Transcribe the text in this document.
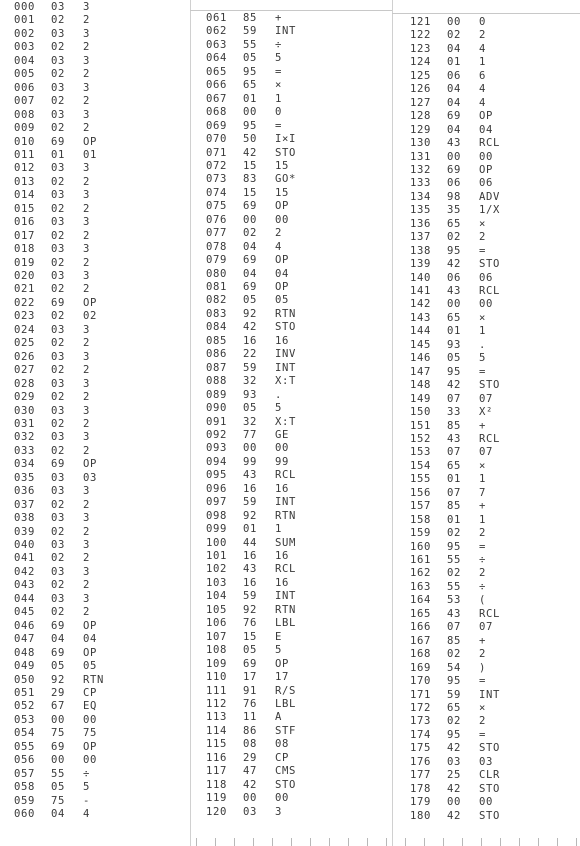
000 03 3
001 02 2
002 03 3
003 02 2
004 03 3
005 02 2
006 03 3
007 02 2
008 03 3
009 02 2
010 69 OP
011 01 01
012 03 3
013 02 2
014 03 3
015 02 2
016 03 3
017 02 2
018 03 3
019 02 2
020 03 3
021 02 2
022 69 OP
023 02 02
024 03 3
025 02 2
026 03 3
027 02 2
028 03 3
029 02 2
030 03 3
031 02 2
032 03 3
033 02 2
034 69 OP
035 03 03
036 03 3
037 02 2
038 03 3
039 02 2
040 03 3
041 02 2
042 03 3
043 02 2
044 03 3
045 02 2
046 69 OP
047 04 04
048 69 OP
049 05 05
050 92 RTN
051 29 CP
052 67 EQ
053 00 00
054 75 75
055 69 OP
056 00 00
057 55 ÷
058 05 5
059 75 -
060 04 4
061 85 +
062 59 INT
063 55 ÷
064 05 5
065 95 =
066 65 ×
067 01 1
068 00 0
069 95 =
070 50 I×I
071 42 STO
072 15 15
073 83 GO*
074 15 15
075 69 OP
076 00 00
077 02 2
078 04 4
079 69 OP
080 04 04
081 69 OP
082 05 05
083 92 RTN
084 42 STO
085 16 16
086 22 INV
087 59 INT
088 32 X:T
089 93 .
090 05 5
091 32 X:T
092 77 GE
093 00 00
094 99 99
095 43 RCL
096 16 16
097 59 INT
098 92 RTN
099 01 1
100 44 SUM
101 16 16
102 43 RCL
103 16 16
104 59 INT
105 92 RTN
106 76 LBL
107 15 E
108 05 5
109 69 OP
110 17 17
111 91 R/S
112 76 LBL
113 11 A
114 86 STF
115 08 08
116 29 CP
117 47 CMS
118 42 STO
119 00 00
120 03 3
121 00 0
122 02 2
123 04 4
124 01 1
125 06 6
126 04 4
127 04 4
128 69 OP
129 04 04
130 43 RCL
131 00 00
132 69 OP
133 06 06
134 98 ADV
135 35 1/X
136 65 ×
137 02 2
138 95 =
139 42 STO
140 06 06
141 43 RCL
142 00 00
143 65 ×
144 01 1
145 93 .
146 05 5
147 95 =
148 42 STO
149 07 07
150 33 X²
151 85 +
152 43 RCL
153 07 07
154 65 ×
155 01 1
156 07 7
157 85 +
158 01 1
159 02 2
160 95 =
161 55 ÷
162 02 2
163 55 ÷
164 53 (
165 43 RCL
166 07 07
167 85 +
168 02 2
169 54 )
170 95 =
171 59 INT
172 65 ×
173 02 2
174 95 =
175 42 STO
176 03 03
177 25 CLR
178 42 STO
179 00 00
180 42 STO
